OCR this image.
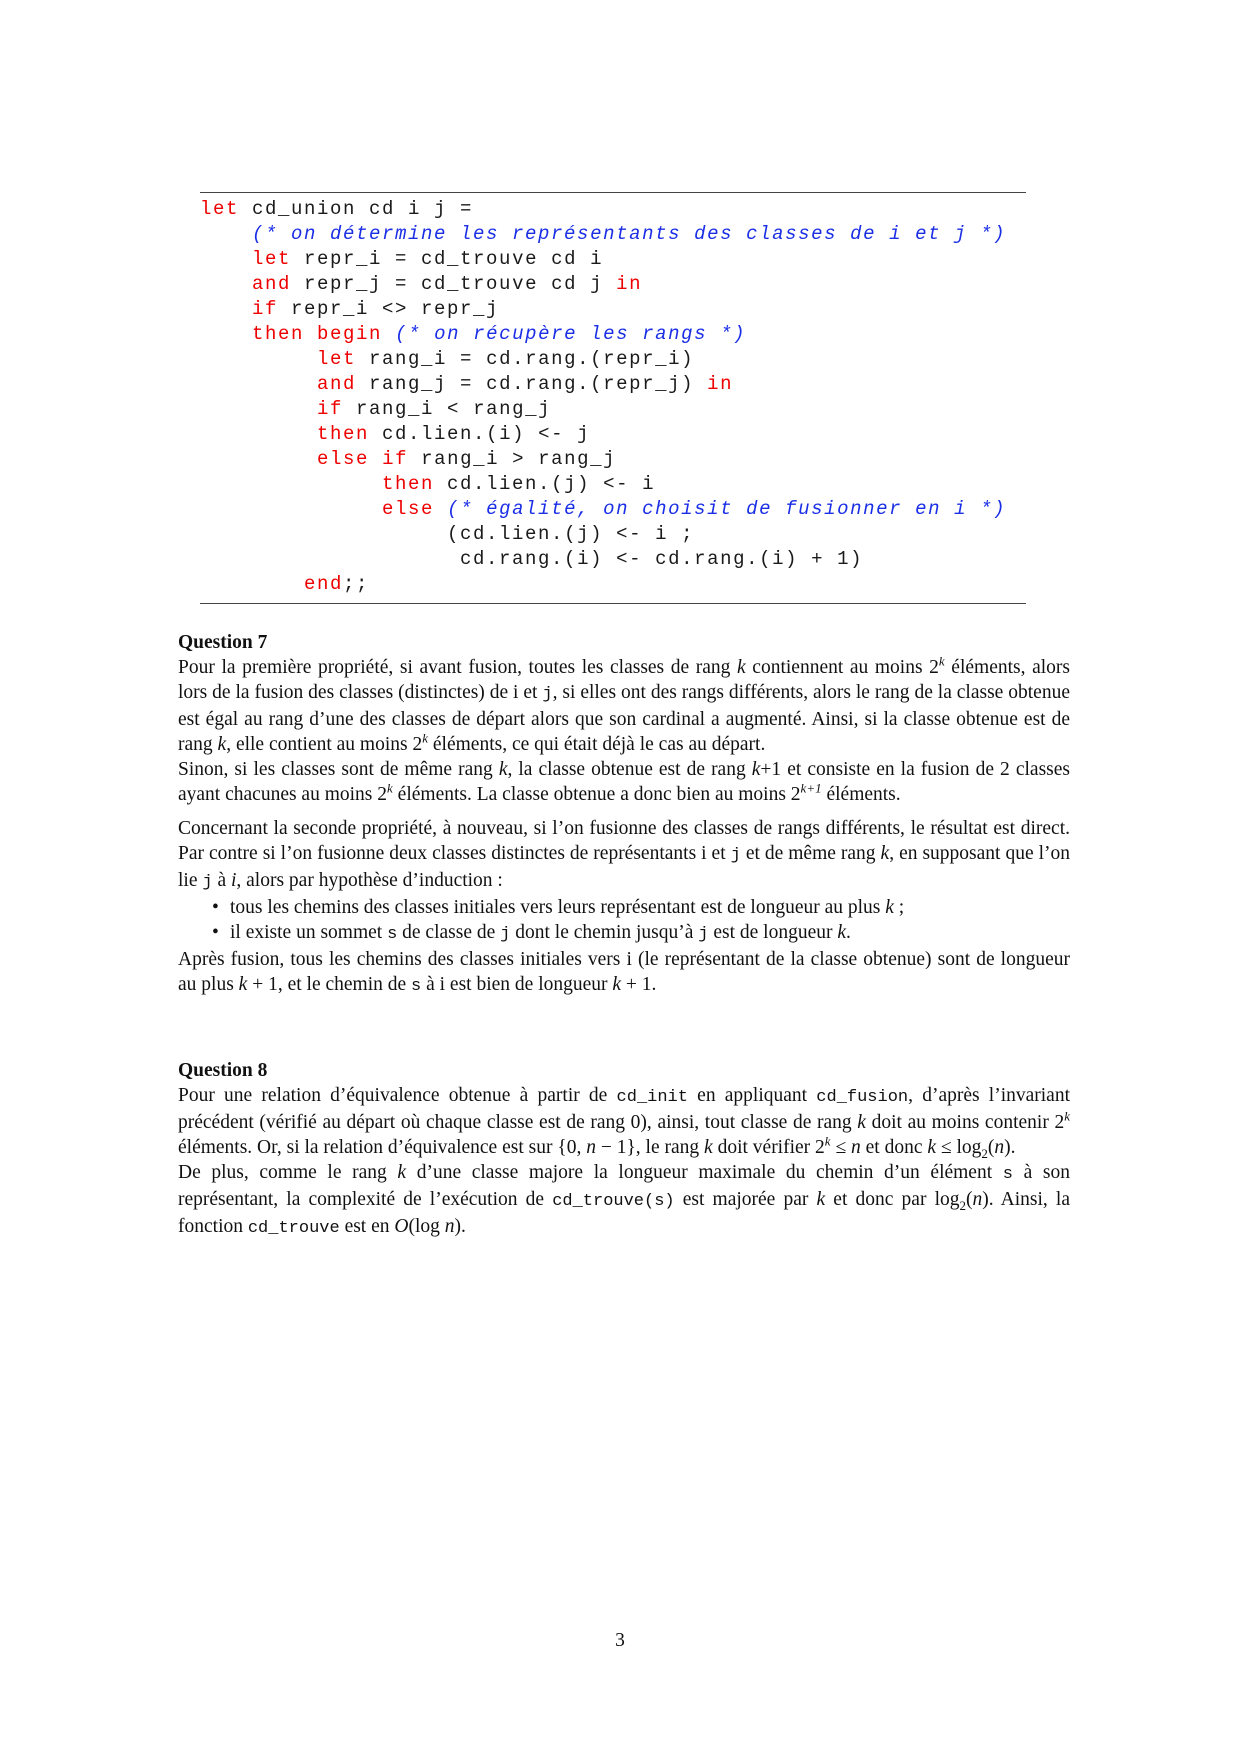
let cd_union cd i j =
(* on détermine les représentants des classes de i et j *)
let repr_i = cd_trouve cd i
and repr_j = cd_trouve cd j in
if repr_i <> repr_j
then begin (* on récupère les rangs *)
let rang_i = cd.rang.(repr_i)
and rang_j = cd.rang.(repr_j) in
if rang_i < rang_j
then cd.lien.(i) <- j
else if rang_i > rang_j
then cd.lien.(j) <- i
else (* égalité, on choisit de fusionner en i *)
(cd.lien.(j) <- i ;
cd.rang.(i) <- cd.rang.(i) + 1)
end;;
Question 7

Pour la première propriété, si avant fusion, toutes les classes de rang k contiennent au moins 2$^k$ éléments, alors lors de la fusion des classes (distinctes) de i et j, si elles ont des rangs différents, alors le rang de la classe obtenue est égal au rang d’une des classes de départ alors que son cardinal a augmenté. Ainsi, si la classe obtenue est de rang k, elle contient au moins 2$^k$ éléments, ce qui était déjà le cas au départ.

Sinon, si les classes sont de même rang k, la classe obtenue est de rang k+1 et consiste en la fusion de 2 classes ayant chacunes au moins 2$^k$ éléments. La classe obtenue a donc bien au moins $2^{k+1}$ éléments.

Concernant la seconde propriété, à nouveau, si l’on fusionne des classes de rangs différents, le résultat est direct. Par contre si l’on fusionne deux classes distinctes de représentants i et j et de même rang k, en supposant que l’on lie j à i, alors par hypothèse d’induction :

• tous les chemins des classes initiales vers leurs représentant est de longueur au plus k ;
• il existe un sommet s de classe de j dont le chemin jusqu’à j est de longueur k.

Après fusion, tous les chemins des classes initiales vers i (le représentant de la classe obtenue) sont de longueur au plus k + 1, et le chemin de s à i est bien de longueur k + 1.

Question 8

Pour une relation d’équivalence obtenue à partir de cd_init en appliquant cd_fusion, d’après l’invariant précédent (vérifié au départ où chaque classe est de rang 0), ainsi, tout classe de rang k doit au moins contenir 2$^k$ éléments. Or, si la relation d’équivalence est sur {0, n − 1}, le rang k doit vérifier $2^k \le n$ et donc $k \le \log_2(n)$.

De plus, comme le rang k d’une classe majore la longueur maximale du chemin d’un élément s à son représentant, la complexité de l’exécution de cd_trouve(s) est majorée par k et donc par $\log_2(n)$. Ainsi, la fonction cd_trouve est en O(log n).

3
